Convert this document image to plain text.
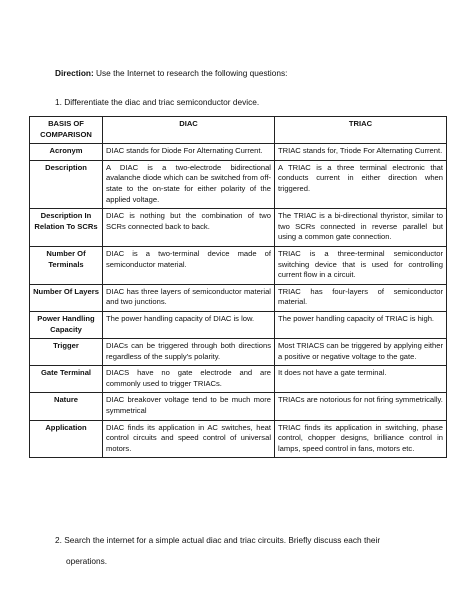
Direction: Use the Internet to research the following questions:
1. Differentiate the diac and triac semiconductor device.
BASIS OF COMPARISON	DIAC	TRIAC
Acronym	DIAC stands for Diode For Alternating Current.	TRIAC stands for, Triode For Alternating Current.
Description	A DIAC is a two-electrode bidirectional avalanche diode which can be switched from off-state to the on-state for either polarity of the applied voltage.	A TRIAC is a three terminal electronic that conducts current in either direction when triggered.
Description In Relation To SCRs	DIAC is nothing but the combination of two SCRs connected back to back.	The TRIAC is a bi-directional thyristor, similar to two SCRs connected in reverse parallel but using a common gate connection.
Number Of Terminals	DIAC is a two-terminal device made of semiconductor material.	TRIAC is a three-terminal semiconductor switching device that is used for controlling current flow in a circuit.
Number Of Layers	DIAC has three layers of semiconductor material and two junctions.	TRIAC has four-layers of semiconductor material.
Power Handling Capacity	The power handling capacity of DIAC is low.	The power handling capacity of TRIAC is high.
Trigger	DIACs can be triggered through both directions regardless of the supply’s polarity.	Most TRIACS can be triggered by applying either a positive or negative voltage to the gate.
Gate Terminal	DIACS have no gate electrode and are commonly used to trigger TRIACs.	It does not have a gate terminal.
Nature	DIAC breakover voltage tend to be much more symmetrical	TRIACs are notorious for not firing symmetrically.
Application	DIAC finds its application in AC switches, heat control circuits and speed control of universal motors.	TRIAC finds its application in switching, phase control, chopper designs, brilliance control in lamps, speed control in fans, motors etc.
2. Search the internet for a simple actual diac and triac circuits. Briefly discuss each their
operations.
